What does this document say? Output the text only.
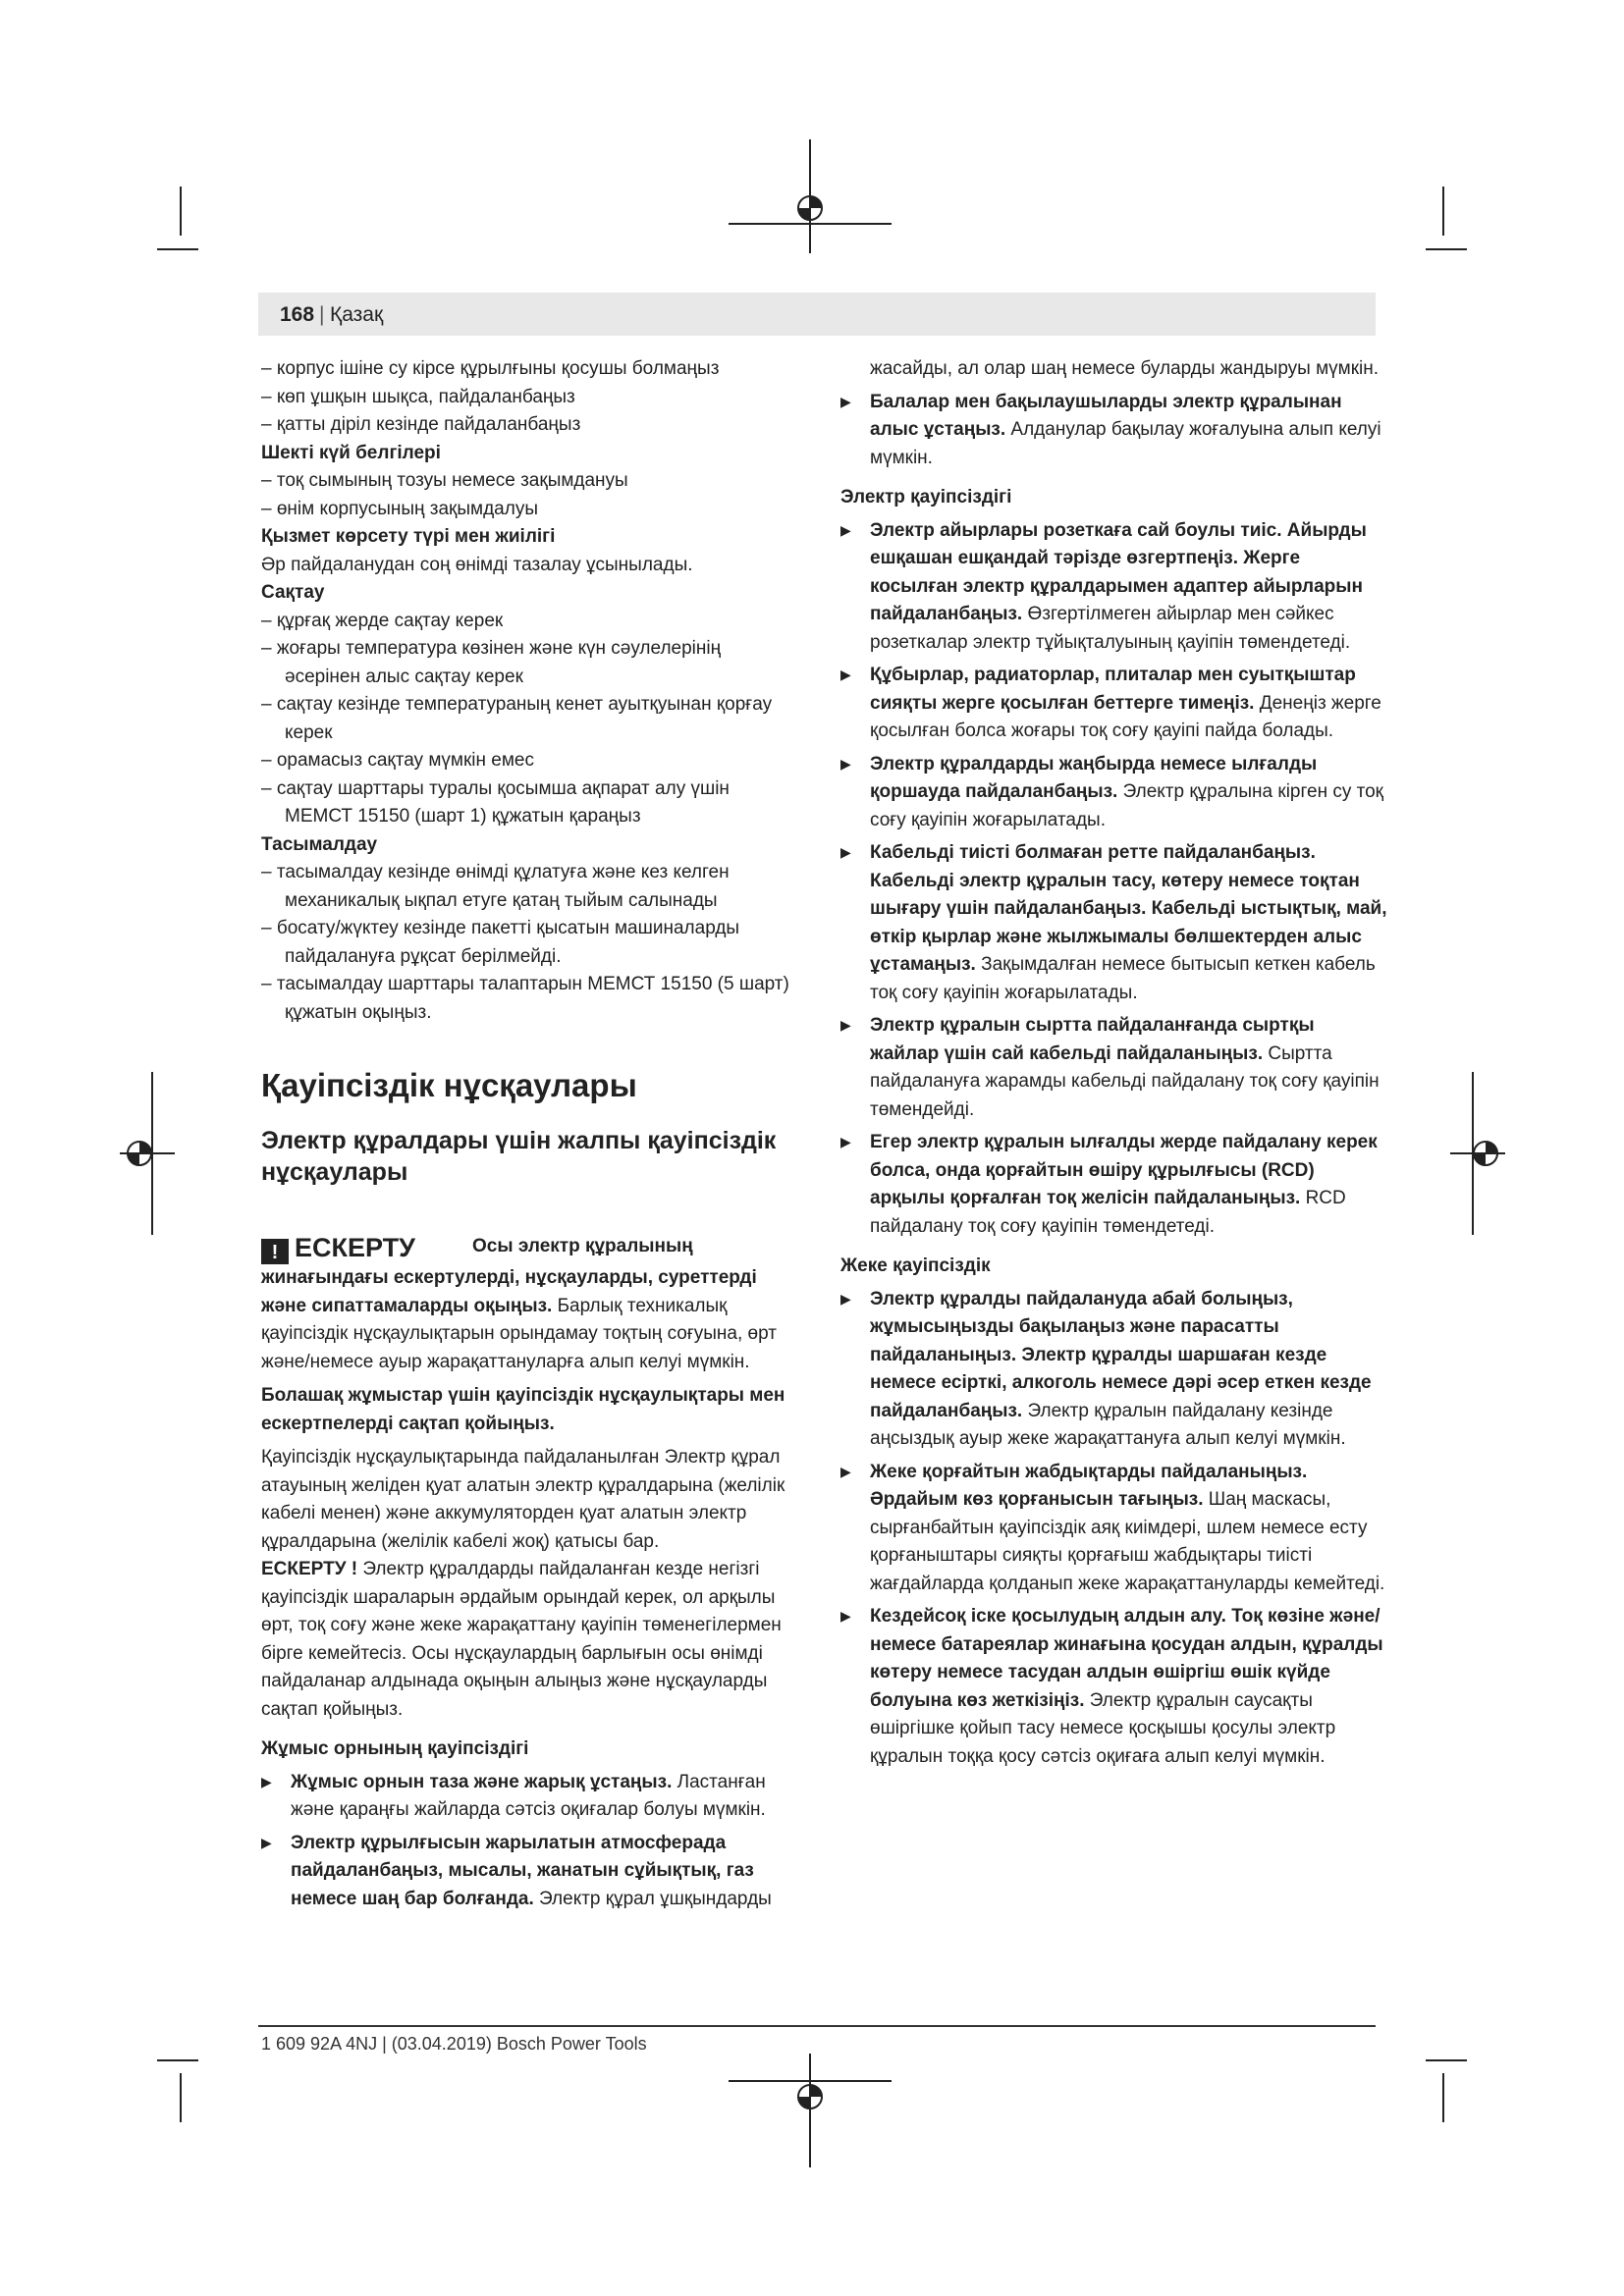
168 | Қазақ

– корпус ішіне су кірсе құрылғыны қосушы болмаңыз

– көп ұшқын шықса, пайдаланбаңыз

– қатты діріл кезінде пайдаланбаңыз

Шекті күй белгілері

– тоқ сымының тозуы немесе зақымдануы

– өнім корпусының зақымдалуы

Қызмет көрсету түрі мен жиілігі

Әр пайдаланудан соң өнімді тазалау ұсынылады.

Сақтау

– құрғақ жерде сақтау керек

– жоғары температура көзінен және күн сәулелерінің әсерінен алыс сақтау керек

– сақтау кезінде температураның кенет ауытқуынан қорғау керек

– орамасыз сақтау мүмкін емес

– сақтау шарттары туралы қосымша ақпарат алу үшін МЕМСТ 15150 (шарт 1) құжатын қараңыз

Тасымалдау

– тасымалдау кезінде өнімді құлатуға және кез келген механикалық ықпал етуге қатаң тыйым салынады

– босату/жүктеу кезінде пакетті қысатын машиналарды пайдалануға рұқсат берілмейді.

– тасымалдау шарттары талаптарын МЕМСТ 15150 (5 шарт) құжатын оқыңыз.

Қауіпсіздік нұсқаулары

Электр құралдары үшін жалпы қауіпсіздік нұсқаулары

! ЕСКЕРТУ	Осы электр құралының жинағындағы ескертулерді, нұсқауларды, суреттерді және сипаттамаларды оқыңыз. Барлық техникалық қауіпсіздік нұсқаулықтарын орындамау тоқтың соғуына, өрт және/немесе ауыр жарақаттануларға алып келуі мүмкін.

Болашақ жұмыстар үшін қауіпсіздік нұсқаулықтары мен ескертпелерді сақтап қойыңыз.

Қауіпсіздік нұсқаулықтарында пайдаланылған Электр құрал атауының желіден қуат алатын электр құралдарына (желілік кабелі менен) және аккумуляторден қуат алатын электр құралдарына (желілік кабелі жоқ) қатысы бар.

ЕСКЕРТУ ! Электр құралдарды пайдаланған кезде негізгі қауіпсіздік шараларын әрдайым орындай керек, ол арқылы өрт, тоқ соғу және жеке жарақаттану қауіпін төменегілермен бірге кемейтесіз. Осы нұсқаулардың барлығын осы өнімді пайдаланар алдынада оқыңын алыңыз және нұсқауларды сақтап қойыңыз.

Жұмыс орнының қауіпсіздігі

▶ Жұмыс орнын таза және жарық ұстаңыз. Ластанған және қараңғы жайларда сәтсіз оқиғалар болуы мүмкін.

▶ Электр құрылғысын жарылатын атмосферада пайдаланбаңыз, мысалы, жанатын сұйықтық, газ немесе шаң бар болғанда. Электр құрал ұшқындарды

жасайды, ал олар шаң немесе буларды жандыруы мүмкін.

▶ Балалар мен бақылаушыларды электр құралынан алыс ұстаңыз. Алданулар бақылау жоғалуына алып келуі мүмкін.

Электр қауіпсіздігі

▶ Электр айырлары розеткаға сай боулы тиіс. Айырды ешқашан ешқандай тәрізде өзгертпеңіз. Жерге косылған электр құралдарымен адаптер айырларын пайдаланбаңыз. Өзгертілмеген айырлар мен сәйкес розеткалар электр тұйықталуының қауіпін төмендетеді.

▶ Құбырлар, радиаторлар, плиталар мен суытқыштар сияқты жерге қосылған беттерге тимеңіз. Денеңіз жерге қосылған болса жоғары тоқ соғу қауіпі пайда болады.

▶ Электр құралдарды жаңбырда немесе ылғалды қоршауда пайдаланбаңыз. Электр құралына кірген су тоқ соғу қауіпін жоғарылатады.

▶ Кабельді тиісті болмаған ретте пайдаланбаңыз. Кабельді электр құралын тасу, көтеру немесе тоқтан шығару үшін пайдаланбаңыз. Кабельді ыстықтық, май, өткір қырлар және жылжымалы бөлшектерден алыс ұстамаңыз. Зақымдалған немесе бытысып кеткен кабель тоқ соғу қауіпін жоғарылатады.

▶ Электр құралын сыртта пайдаланғанда сыртқы жайлар үшін сай кабельді пайдаланыңыз. Сыртта пайдалануға жарамды кабельді пайдалану тоқ соғу қауіпін төмендейді.

▶ Егер электр құралын ылғалды жерде пайдалану керек болса, онда қорғайтын өшіру құрылғысы (RCD) арқылы қорғалған тоқ желісін пайдаланыңыз. RCD пайдалану тоқ соғу қауіпін төмендетеді.

Жеке қауіпсіздік

▶ Электр құралды пайдалануда абай болыңыз, жұмысыңызды бақылаңыз және парасатты пайдаланыңыз. Электр құралды шаршаған кезде немесе есірткі, алкоголь немесе дәрі әсер еткен кезде пайдаланбаңыз. Электр құралын пайдалану кезінде аңсыздық ауыр жеке жарақаттануға алып келуі мүмкін.

▶ Жеке қорғайтын жабдықтарды пайдаланыңыз. Әрдайым көз қорғанысын тағыңыз. Шаң маскасы, сырғанбайтын қауіпсіздік аяқ киімдері, шлем немесе есту қорғаныштары сияқты қорғағыш жабдықтары тиісті жағдайларда қолданып жеке жарақаттануларды кемейтеді.

▶ Кездейсоқ іске қосылудың алдын алу. Тоқ көзіне және/немесе батареялар жинағына қосудан алдын, құралды көтеру немесе тасудан алдын өшіргіш өшік күйде болуына көз жеткізіңіз. Электр құралын саусақты өшіргішке қойып тасу немесе қосқышы қосулы электр құралын тоққа қосу сәтсіз оқиғаға алып келуі мүмкін.

1 609 92A 4NJ | (03.04.2019) Bosch Power Tools
